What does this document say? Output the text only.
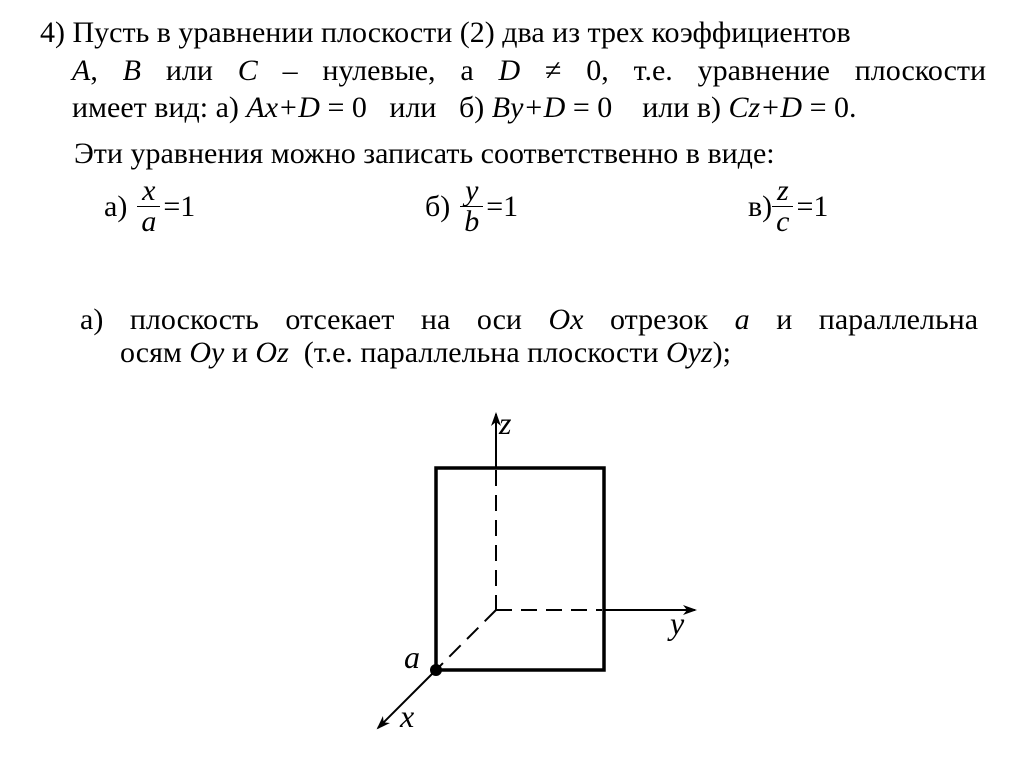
4) Пусть в уравнении плоскости (2) два из трех коэффициентов
A, B или C – нулевые, а D ≠ 0, т.е. уравнение плоскости
имеет вид: а) Ax+D = 0 или б) By+D = 0 или в) Cz+D = 0.
Эти уравнения можно записать соответственно в виде:
$а) \frac{x}{a} =1$	$б) \frac{y}{b} =1$	$в) \frac{z}{c} =1$
а) плоскость отсекает на оси Ox отрезок a и параллельна
осям Oy и Oz (т.е. параллельна плоскости Oyz);
z
y
x
a
